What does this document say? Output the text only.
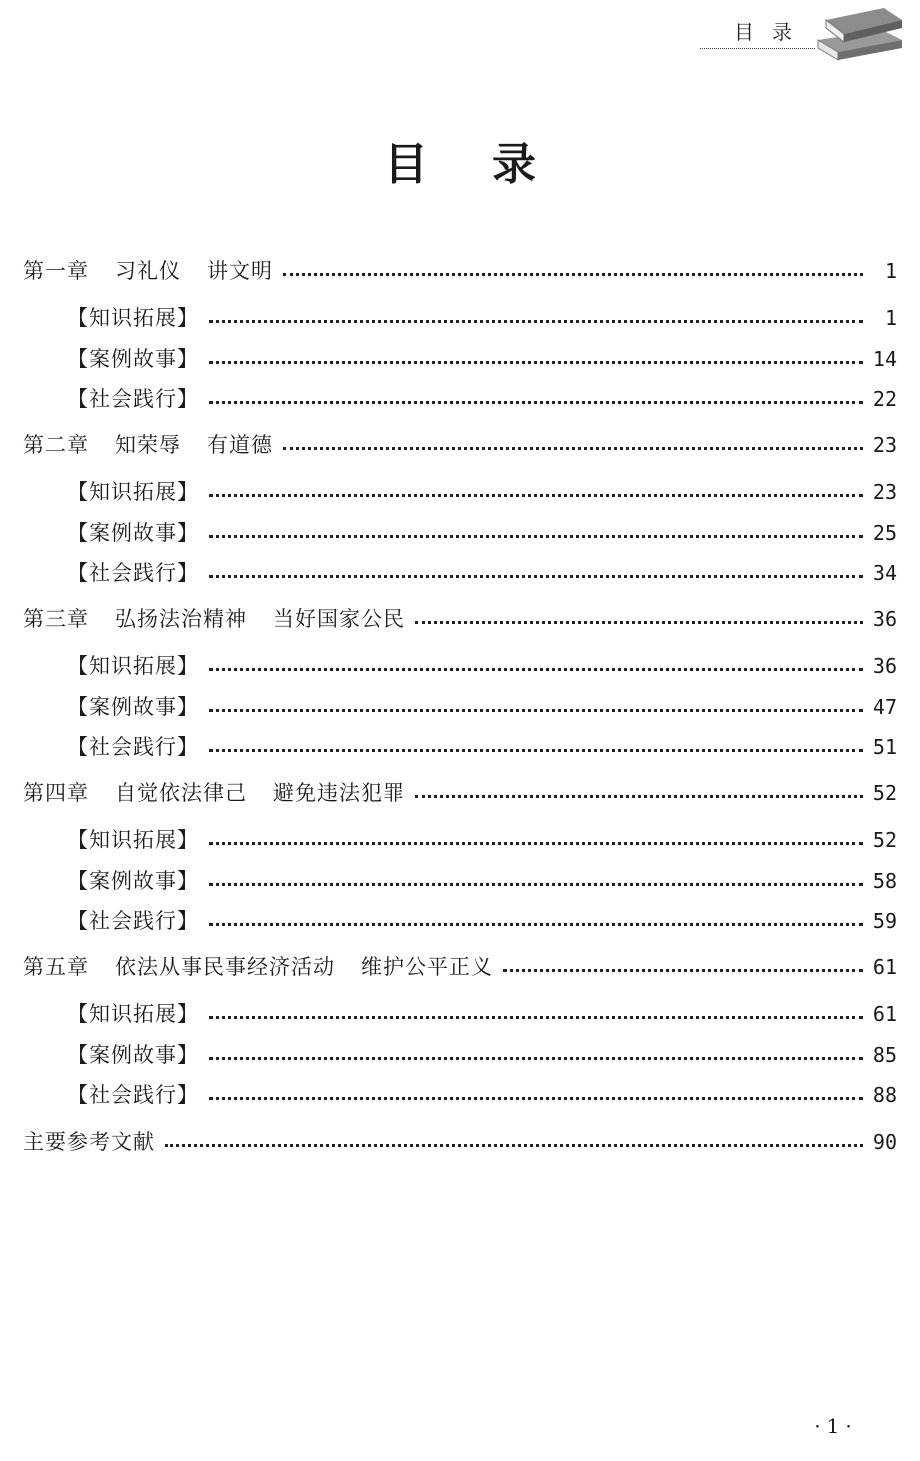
目录
目录
第一章 习礼仪 讲文明	1
【知识拓展】	1
【案例故事】	14
【社会践行】	22
第二章 知荣辱 有道德	23
【知识拓展】	23
【案例故事】	25
【社会践行】	34
第三章 弘扬法治精神 当好国家公民	36
【知识拓展】	36
【案例故事】	47
【社会践行】	51
第四章 自觉依法律己 避免违法犯罪	52
【知识拓展】	52
【案例故事】	58
【社会践行】	59
第五章 依法从事民事经济活动 维护公平正义	61
【知识拓展】	61
【案例故事】	85
【社会践行】	88
主要参考文献	90
·1·
